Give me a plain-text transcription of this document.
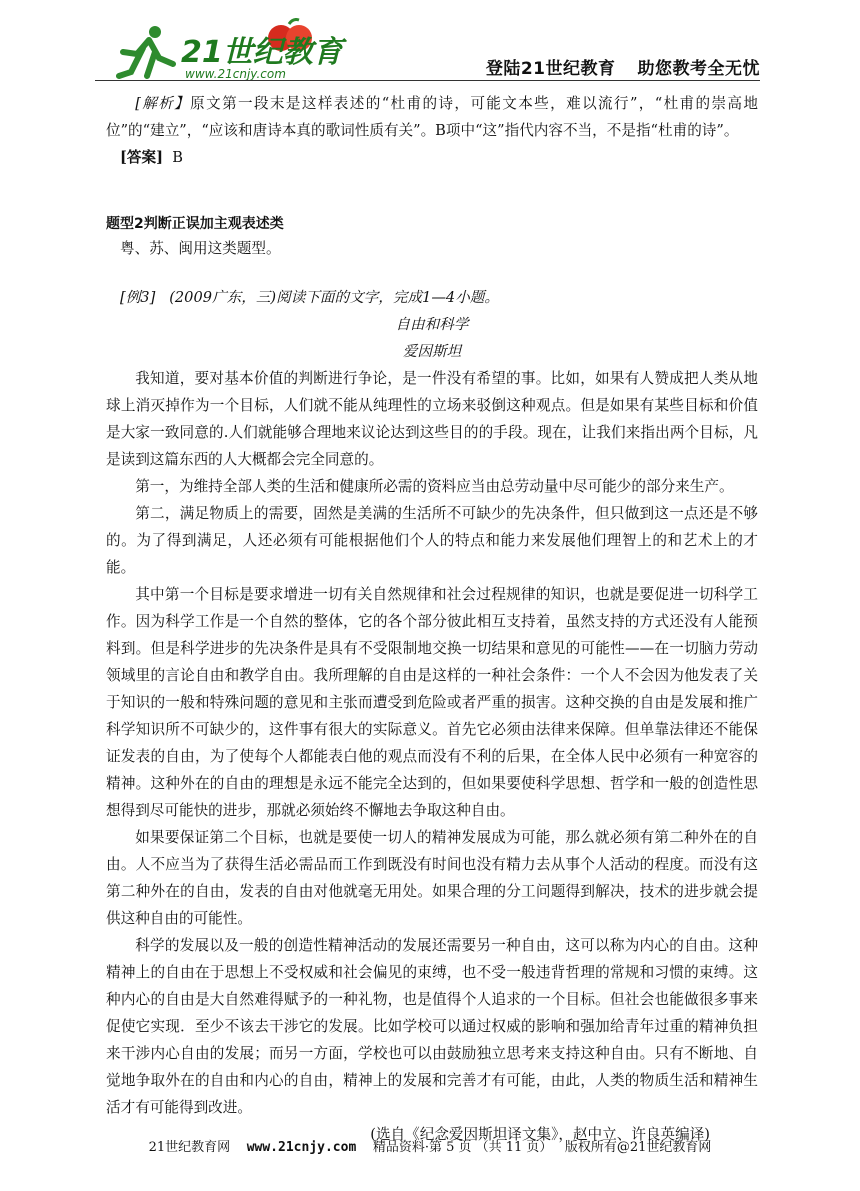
21世纪教育
www.21cnjy.com	登陆21世纪教育 助您教考全无忧

[解析】原文第一段末是这样表述的“杜甫的诗，可能文本些，难以流行”，“杜甫的崇高地位”的“建立”，“应该和唐诗本真的歌词性质有关”。B项中“这”指代内容不当，不是指“杜甫的诗”。

[答案] B

题型2判断正误加主观表述类

粤、苏、闽用这类题型。

[例3] (2009广东，三)阅读下面的文字，完成1—4小题。

自由和科学

爱因斯坦

我知道，要对基本价值的判断进行争论，是一件没有希望的事。比如，如果有人赞成把人类从地球上消灭掉作为一个目标，人们就不能从纯理性的立场来驳倒这种观点。但是如果有某些目标和价值是大家一致同意的.人们就能够合理地来议论达到这些目的的手段。现在，让我们来指出两个目标，凡是读到这篇东西的人大概都会完全同意的。

第一，为维持全部人类的生活和健康所必需的资料应当由总劳动量中尽可能少的部分来生产。

第二，满足物质上的需要，固然是美满的生活所不可缺少的先决条件，但只做到这一点还是不够的。为了得到满足，人还必须有可能根据他们个人的特点和能力来发展他们理智上的和艺术上的才能。

其中第一个目标是要求增进一切有关自然规律和社会过程规律的知识，也就是要促进一切科学工作。因为科学工作是一个自然的整体，它的各个部分彼此相互支持着，虽然支持的方式还没有人能预料到。但是科学进步的先决条件是具有不受限制地交换一切结果和意见的可能性——在一切脑力劳动领域里的言论自由和教学自由。我所理解的自由是这样的一种社会条件：一个人不会因为他发表了关于知识的一般和特殊问题的意见和主张而遭受到危险或者严重的损害。这种交换的自由是发展和推广科学知识所不可缺少的，这件事有很大的实际意义。首先它必须由法律来保障。但单靠法律还不能保证发表的自由，为了使每个人都能表白他的观点而没有不利的后果，在全体人民中必须有一种宽容的精神。这种外在的自由的理想是永远不能完全达到的，但如果要使科学思想、哲学和一般的创造性思想得到尽可能快的进步，那就必须始终不懈地去争取这种自由。

如果要保证第二个目标，也就是要使一切人的精神发展成为可能，那么就必须有第二种外在的自由。人不应当为了获得生活必需品而工作到既没有时间也没有精力去从事个人活动的程度。而没有这第二种外在的自由，发表的自由对他就毫无用处。如果合理的分工问题得到解决，技术的进步就会提供这种自由的可能性。

科学的发展以及一般的创造性精神活动的发展还需要另一种自由，这可以称为内心的自由。这种精神上的自由在于思想上不受权威和社会偏见的束缚，也不受一般违背哲理的常规和习惯的束缚。这种内心的自由是大自然难得赋予的一种礼物，也是值得个人追求的一个目标。但社会也能做很多事来促使它实现．至少不该去干涉它的发展。比如学校可以通过权威的影响和强加给青年过重的精神负担来干涉内心自由的发展；而另一方面，学校也可以由鼓励独立思考来支持这种自由。只有不断地、自觉地争取外在的自由和内心的自由，精神上的发展和完善才有可能，由此，人类的物质生活和精神生活才有可能得到改进。

(选自《纪念爱因斯坦译文集》，赵中立、许良英编译)

21世纪教育网 www.21cnjy.com 精品资料·第 5 页 （共 11 页） 版权所有@21世纪教育网
